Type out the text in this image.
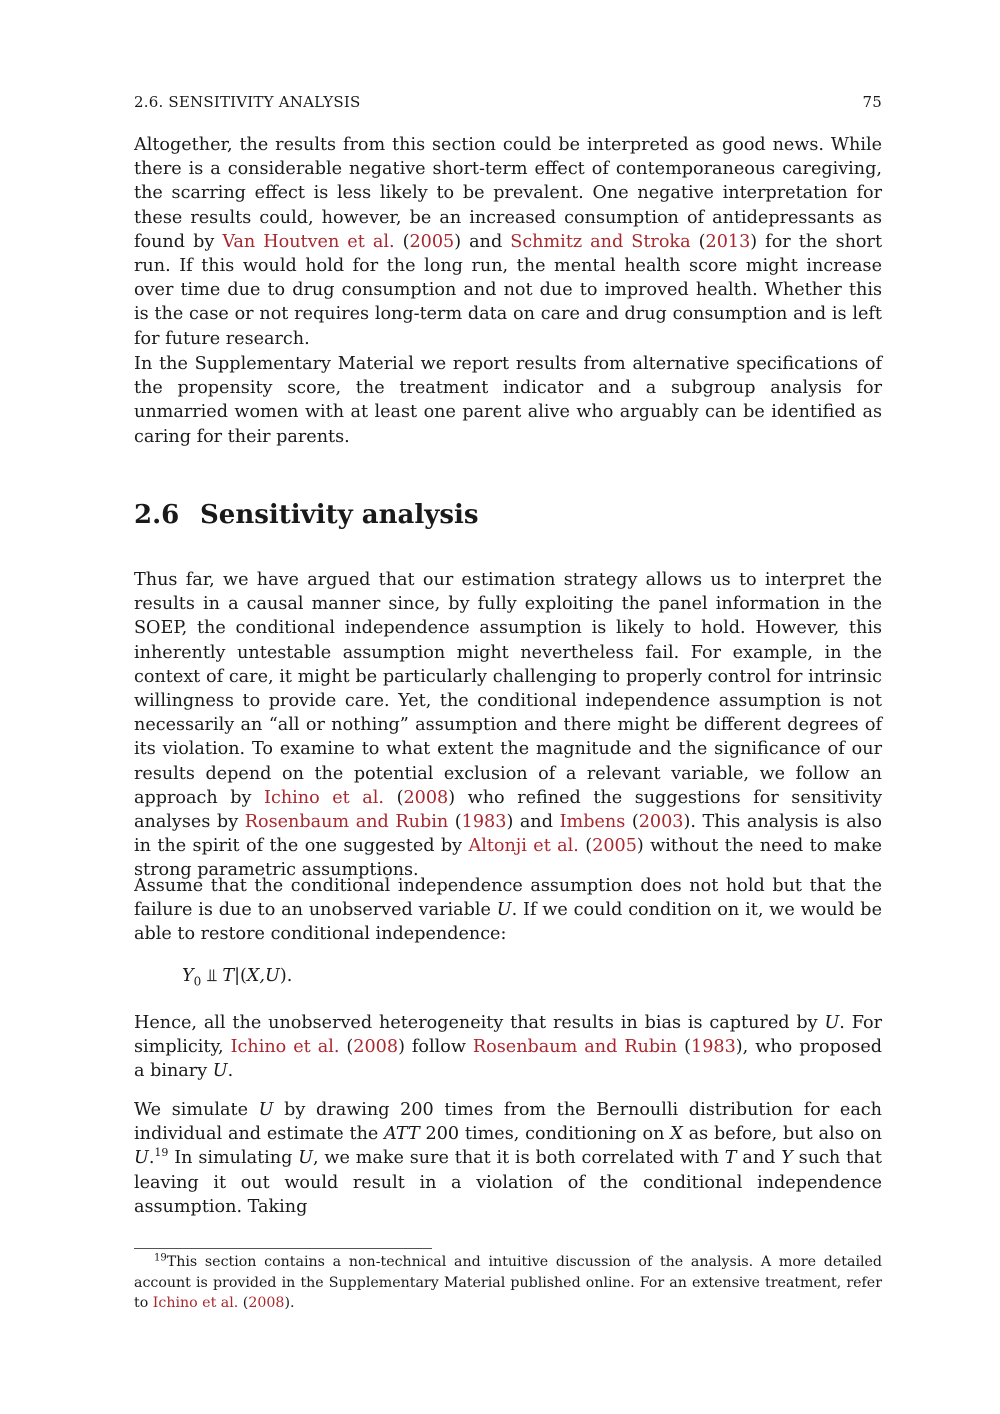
2.6. SENSITIVITY ANALYSIS	75

Altogether, the results from this section could be interpreted as good news. While there is a considerable negative short-term effect of contemporaneous caregiving, the scarring effect is less likely to be prevalent. One negative interpretation for these results could, however, be an increased consumption of antidepressants as found by Van Houtven et al. (2005) and Schmitz and Stroka (2013) for the short run. If this would hold for the long run, the mental health score might increase over time due to drug consumption and not due to improved health. Whether this is the case or not requires long-term data on care and drug consumption and is left for future research.

In the Supplementary Material we report results from alternative specifications of the propensity score, the treatment indicator and a subgroup analysis for unmarried women with at least one parent alive who arguably can be identified as caring for their parents.

2.6 Sensitivity analysis

Thus far, we have argued that our estimation strategy allows us to interpret the results in a causal manner since, by fully exploiting the panel information in the SOEP, the conditional independence assumption is likely to hold. However, this inherently untestable assumption might nevertheless fail. For example, in the context of care, it might be particularly challenging to properly control for intrinsic willingness to provide care. Yet, the conditional independence assumption is not necessarily an “all or nothing” assumption and there might be different degrees of its violation. To examine to what extent the magnitude and the significance of our results depend on the potential exclusion of a relevant variable, we follow an approach by Ichino et al. (2008) who refined the suggestions for sensitivity analyses by Rosenbaum and Rubin (1983) and Imbens (2003). This analysis is also in the spirit of the one suggested by Altonji et al. (2005) without the need to make strong parametric assumptions.

Assume that the conditional independence assumption does not hold but that the failure is due to an unobserved variable U. If we could condition on it, we would be able to restore conditional independence:

$Y_0$ ⫫ T|(X,U).

Hence, all the unobserved heterogeneity that results in bias is captured by U. For simplicity, Ichino et al. (2008) follow Rosenbaum and Rubin (1983), who proposed a binary U.

We simulate U by drawing 200 times from the Bernoulli distribution for each individual and estimate the ATT 200 times, conditioning on X as before, but also on U.$^{19}$ In simulating U, we make sure that it is both correlated with T and Y such that leaving it out would result in a violation of the conditional independence assumption. Taking

$^{19}$This section contains a non-technical and intuitive discussion of the analysis. A more detailed account is provided in the Supplementary Material published online. For an extensive treatment, refer to Ichino et al. (2008).
